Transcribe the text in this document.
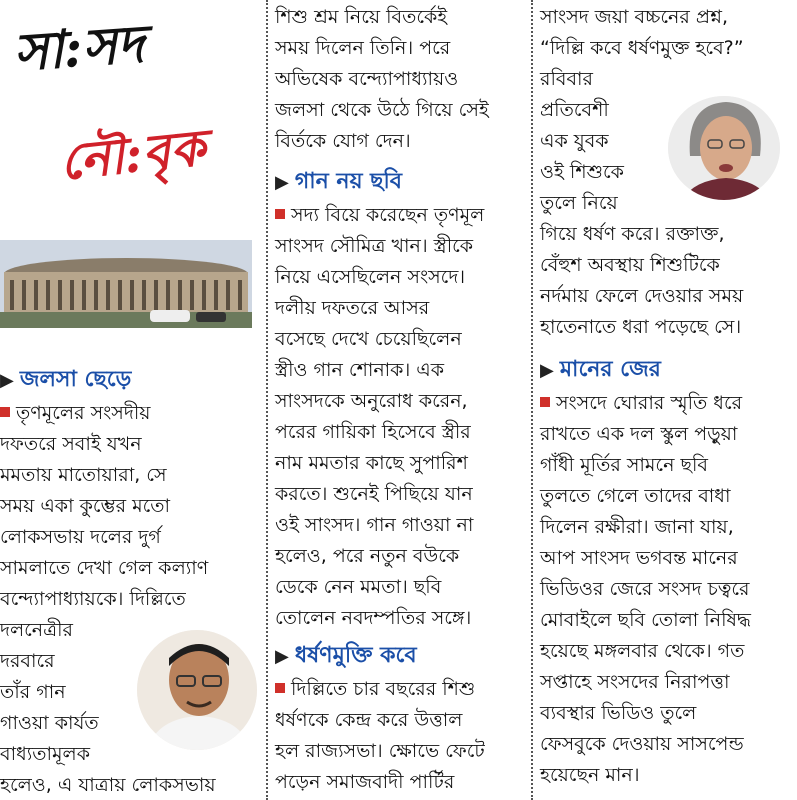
সা:সদ
নৌ:বৃক
▶ জলসা ছেড়ে
তৃণমূলের সংসদীয়
দফতরে সবাই যখন
মমতায় মাতোয়ারা, সে
সময় একা কুম্ভের মতো
লোকসভায় দলের দুর্গ
সামলাতে দেখা গেল কল্যাণ
বন্দ্যোপাধ্যায়কে। দিল্লিতে
দলনেত্রীর
দরবারে
তাঁর গান
গাওয়া কার্যত
বাধ্যতামূলক
হলেও, এ যাত্রায় লোকসভায়
শিশু শ্রম নিয়ে বিতর্কেই
সময় দিলেন তিনি। পরে
অভিষেক বন্দ্যোপাধ্যায়ও
জলসা থেকে উঠে গিয়ে সেই
বির্তকে যোগ দেন।
▶ গান নয় ছবি
সদ্য বিয়ে করেছেন তৃণমূল
সাংসদ সৌমিত্র খান। স্ত্রীকে
নিয়ে এসেছিলেন সংসদে।
দলীয় দফতরে আসর
বসেছে দেখে চেয়েছিলেন
স্ত্রীও গান শোনাক। এক
সাংসদকে অনুরোধ করেন,
পরের গায়িকা হিসেবে স্ত্রীর
নাম মমতার কাছে সুপারিশ
করতে। শুনেই পিছিয়ে যান
ওই সাংসদ। গান গাওয়া না
হলেও, পরে নতুন বউকে
ডেকে নেন মমতা। ছবি
তোলেন নবদম্পতির সঙ্গে।
▶ ধর্ষণমুক্তি কবে
দিল্লিতে চার বছরের শিশু
ধর্ষণকে কেন্দ্র করে উত্তাল
হল রাজ্যসভা। ক্ষোভে ফেটে
পড়েন সমাজবাদী পার্টির
সাংসদ জয়া বচ্চনের প্রশ্ন,
“দিল্লি কবে ধর্ষণমুক্ত হবে?”
রবিবার
প্রতিবেশী
এক যুবক
ওই শিশুকে
তুলে নিয়ে
গিয়ে ধর্ষণ করে। রক্তাক্ত,
বেঁহুশ অবস্থায় শিশুটিকে
নর্দমায় ফেলে দেওয়ার সময়
হাতেনাতে ধরা পড়েছে সে।
▶ মানের জের
সংসদে ঘোরার স্মৃতি ধরে
রাখতে এক দল স্কুল পড়ুয়া
গাঁধী মূর্তির সামনে ছবি
তুলতে গেলে তাদের বাধা
দিলেন রক্ষীরা। জানা যায়,
আপ সাংসদ ভগবন্ত মানের
ভিডিওর জেরে সংসদ চত্বরে
মোবাইলে ছবি তোলা নিষিদ্ধ
হয়েছে মঙ্গলবার থেকে। গত
সপ্তাহে সংসদের নিরাপত্তা
ব্যবস্থার ভিডিও তুলে
ফেসবুকে দেওয়ায় সাসপেন্ড
হয়েছেন মান।
